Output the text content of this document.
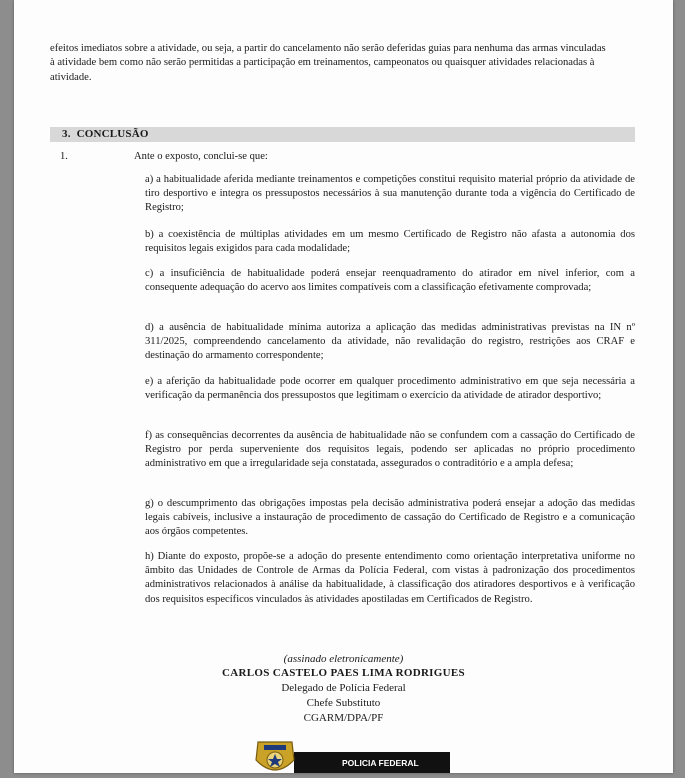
efeitos imediatos sobre a atividade, ou seja, a partir do cancelamento não serão deferidas guias para nenhuma das armas vinculadas à atividade bem como não serão permitidas a participação em treinamentos, campeonatos ou quaisquer atividades relacionadas à atividade.
3. CONCLUSÃO
1.	Ante o exposto, conclui-se que:
a) a habitualidade aferida mediante treinamentos e competições constitui requisito material próprio da atividade de tiro desportivo e integra os pressupostos necessários à sua manutenção durante toda a vigência do Certificado de Registro;
b) a coexistência de múltiplas atividades em um mesmo Certificado de Registro não afasta a autonomia dos requisitos legais exigidos para cada modalidade;
c) a insuficiência de habitualidade poderá ensejar reenquadramento do atirador em nível inferior, com a consequente adequação do acervo aos limites compatíveis com a classificação efetivamente comprovada;
d) a ausência de habitualidade mínima autoriza a aplicação das medidas administrativas previstas na IN nº 311/2025, compreendendo cancelamento da atividade, não revalidação do registro, restrições aos CRAF e destinação do armamento correspondente;
e) a aferição da habitualidade pode ocorrer em qualquer procedimento administrativo em que seja necessária a verificação da permanência dos pressupostos que legitimam o exercício da atividade de atirador desportivo;
f) as consequências decorrentes da ausência de habitualidade não se confundem com a cassação do Certificado de Registro por perda superveniente dos requisitos legais, podendo ser aplicadas no próprio procedimento administrativo em que a irregularidade seja constatada, assegurados o contraditório e a ampla defesa;
g) o descumprimento das obrigações impostas pela decisão administrativa poderá ensejar a adoção das medidas legais cabíveis, inclusive a instauração de procedimento de cassação do Certificado de Registro e a comunicação aos órgãos competentes.
h) Diante do exposto, propõe-se a adoção do presente entendimento como orientação interpretativa uniforme no âmbito das Unidades de Controle de Armas da Polícia Federal, com vistas à padronização dos procedimentos administrativos relacionados à análise da habitualidade, à classificação dos atiradores desportivos e à verificação dos requisitos específicos vinculados às atividades apostiladas em Certificados de Registro.
(assinado eletronicamente)
CARLOS CASTELO PAES LIMA RODRIGUES
Delegado de Polícia Federal
Chefe Substituto
CGARM/DPA/PF
POLICIA FEDERAL
